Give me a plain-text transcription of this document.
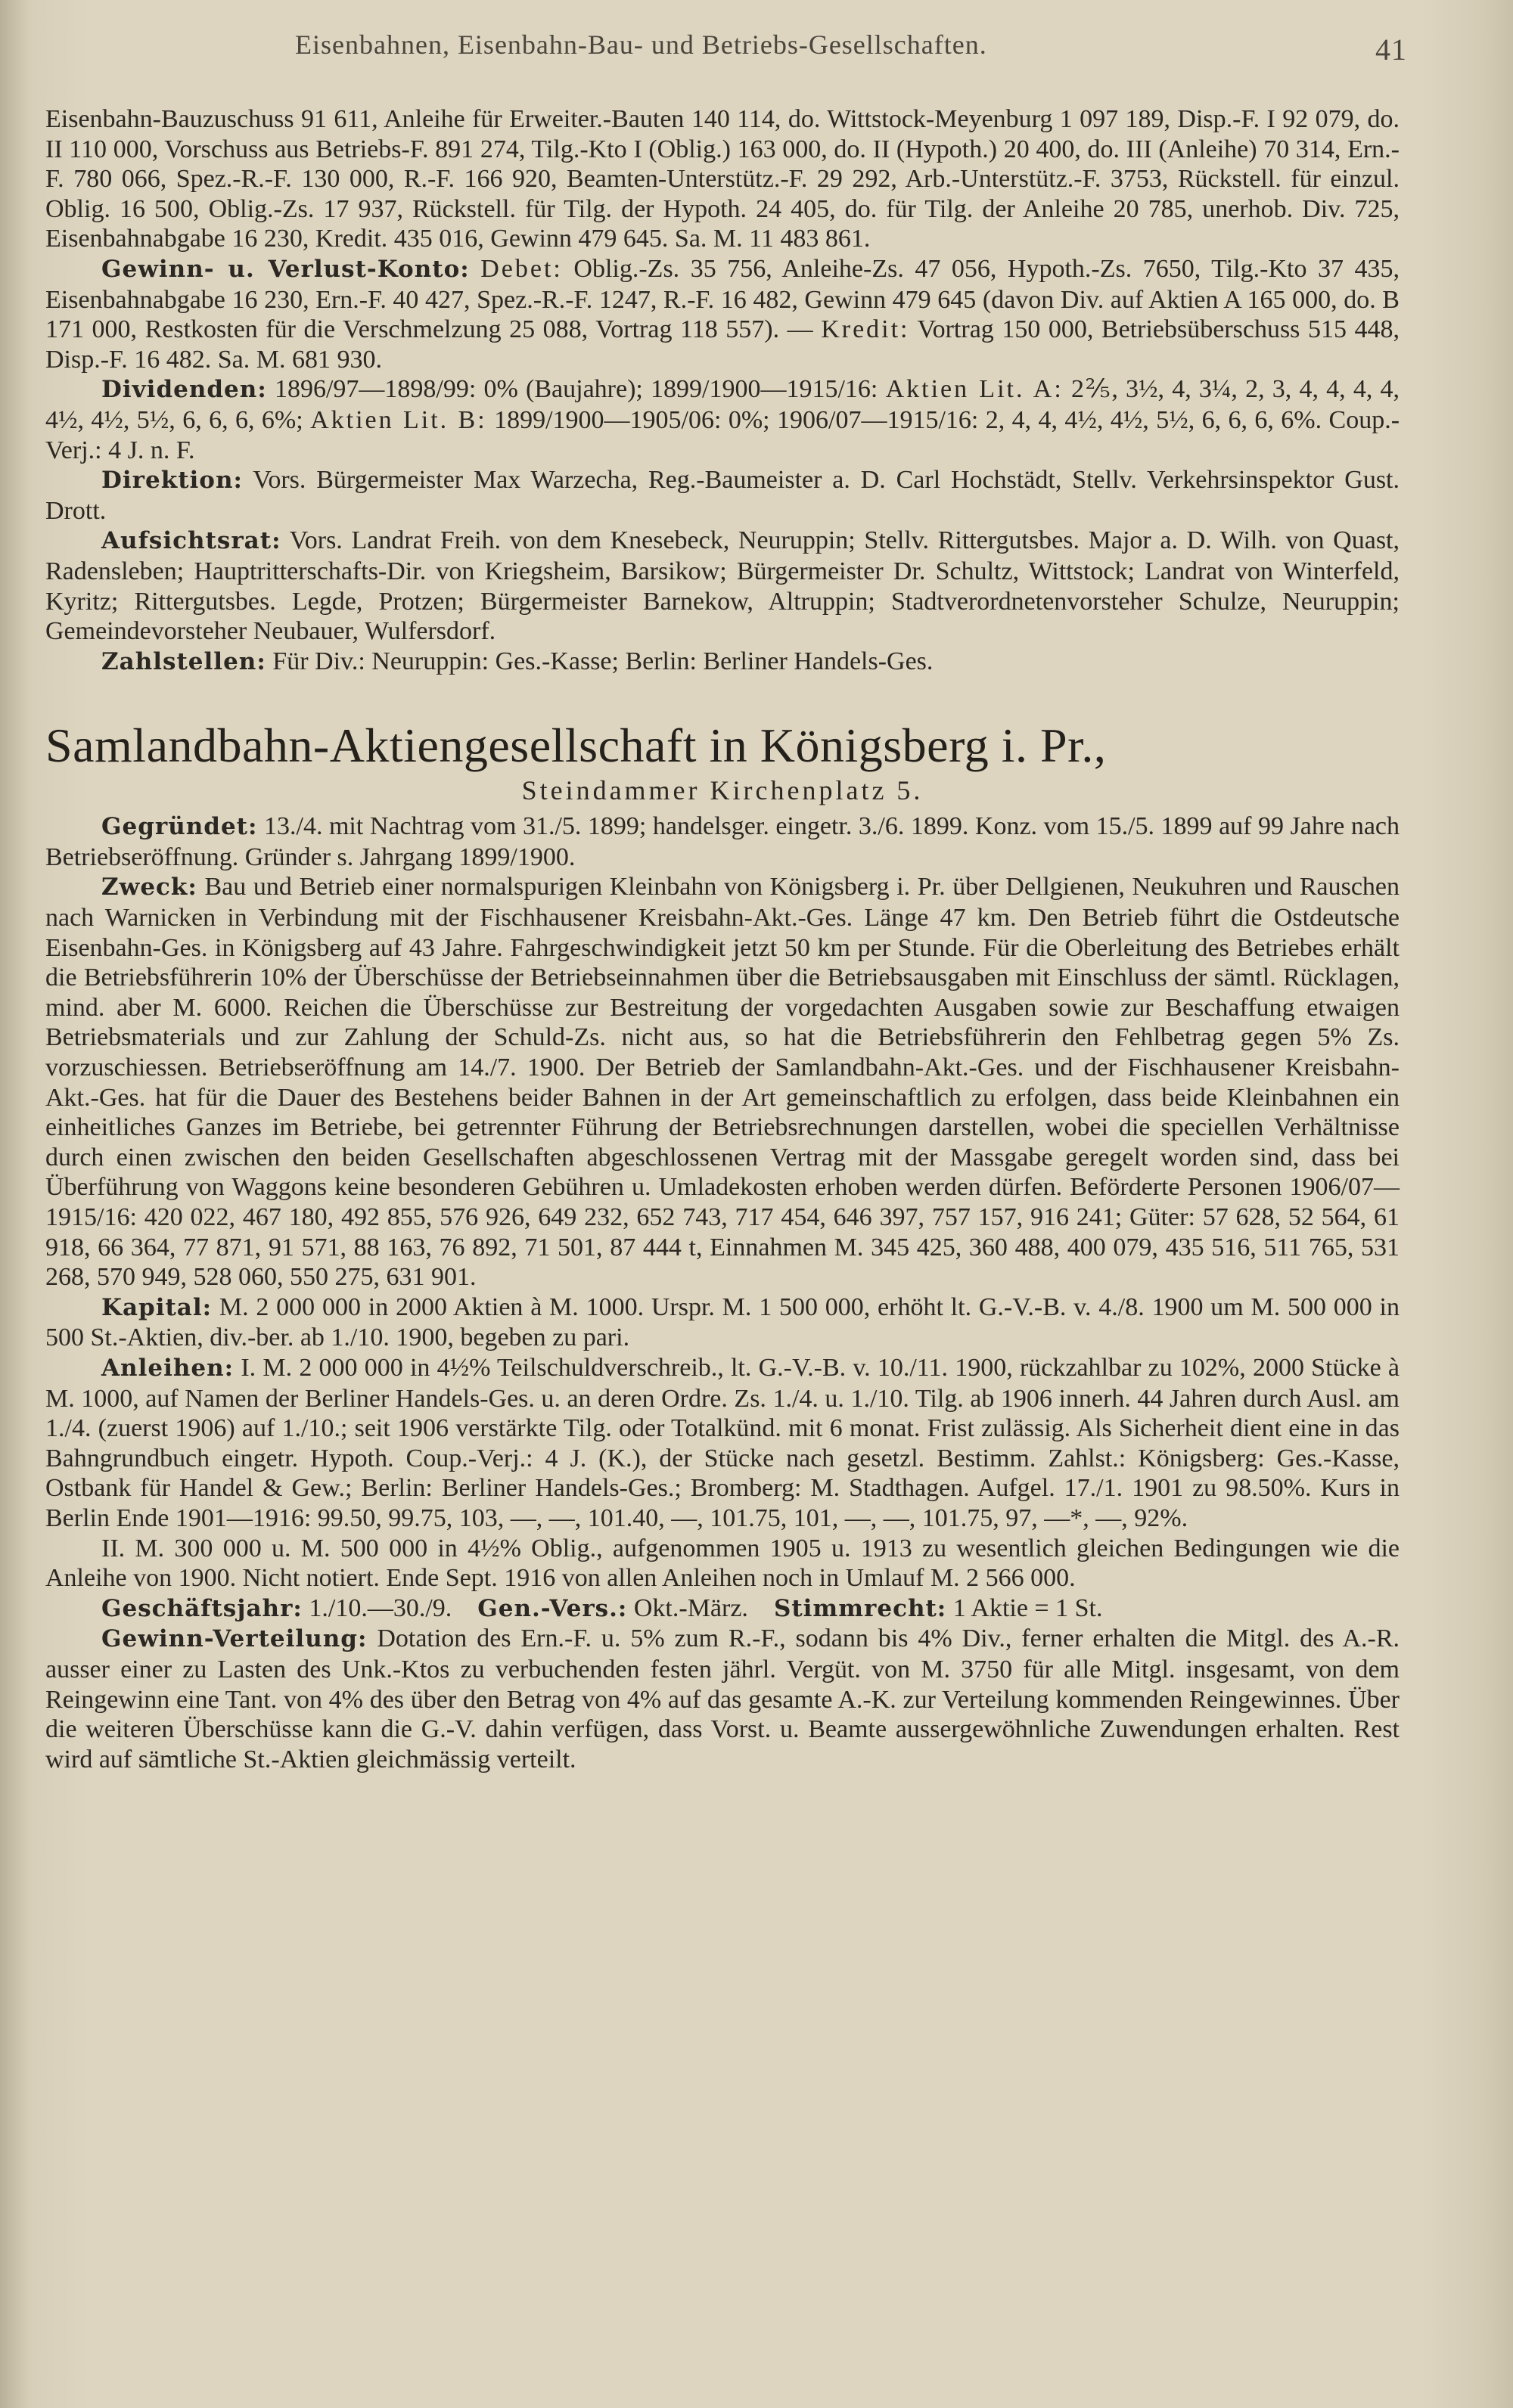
Eisenbahnen, Eisenbahn-Bau- und Betriebs-Gesellschaften.	41

Eisenbahn-Bauzuschuss 91 611, Anleihe für Erweiter.-Bauten 140 114, do. Wittstock-Meyenburg 1 097 189, Disp.-F. I 92 079, do. II 110 000, Vorschuss aus Betriebs-F. 891 274, Tilg.-Kto I (Oblig.) 163 000, do. II (Hypoth.) 20 400, do. III (Anleihe) 70 314, Ern.-F. 780 066, Spez.-R.-F. 130 000, R.-F. 166 920, Beamten-Unterstütz.-F. 29 292, Arb.-Unterstütz.-F. 3753, Rückstell. für einzul. Oblig. 16 500, Oblig.-Zs. 17 937, Rückstell. für Tilg. der Hypoth. 24 405, do. für Tilg. der Anleihe 20 785, unerhob. Div. 725, Eisenbahnabgabe 16 230, Kredit. 435 016, Gewinn 479 645. Sa. M. 11 483 861.

Gewinn- u. Verlust-Konto: Debet: Oblig.-Zs. 35 756, Anleihe-Zs. 47 056, Hypoth.-Zs. 7650, Tilg.-Kto 37 435, Eisenbahnabgabe 16 230, Ern.-F. 40 427, Spez.-R.-F. 1247, R.-F. 16 482, Gewinn 479 645 (davon Div. auf Aktien A 165 000, do. B 171 000, Restkosten für die Verschmelzung 25 088, Vortrag 118 557). — Kredit: Vortrag 150 000, Betriebsüberschuss 515 448, Disp.-F. 16 482. Sa. M. 681 930.

Dividenden: 1896/97—1898/99: 0% (Baujahre); 1899/1900—1915/16: Aktien Lit. A: 2⅖, 3½, 4, 3¼, 2, 3, 4, 4, 4, 4, 4½, 4½, 5½, 6, 6, 6, 6%; Aktien Lit. B: 1899/1900—1905/06: 0%; 1906/07—1915/16: 2, 4, 4, 4½, 4½, 5½, 6, 6, 6, 6%. Coup.-Verj.: 4 J. n. F.

Direktion: Vors. Bürgermeister Max Warzecha, Reg.-Baumeister a. D. Carl Hochstädt, Stellv. Verkehrsinspektor Gust. Drott.

Aufsichtsrat: Vors. Landrat Freih. von dem Knesebeck, Neuruppin; Stellv. Rittergutsbes. Major a. D. Wilh. von Quast, Radensleben; Hauptritterschafts-Dir. von Kriegsheim, Barsikow; Bürgermeister Dr. Schultz, Wittstock; Landrat von Winterfeld, Kyritz; Rittergutsbes. Legde, Protzen; Bürgermeister Barnekow, Altruppin; Stadtverordnetenvorsteher Schulze, Neuruppin; Gemeindevorsteher Neubauer, Wulfersdorf.

Zahlstellen: Für Div.: Neuruppin: Ges.-Kasse; Berlin: Berliner Handels-Ges.

Samlandbahn-Aktiengesellschaft in Königsberg i. Pr.,
Steindammer Kirchenplatz 5.

Gegründet: 13./4. mit Nachtrag vom 31./5. 1899; handelsger. eingetr. 3./6. 1899. Konz. vom 15./5. 1899 auf 99 Jahre nach Betriebseröffnung. Gründer s. Jahrgang 1899/1900.

Zweck: Bau und Betrieb einer normalspurigen Kleinbahn von Königsberg i. Pr. über Dellgienen, Neukuhren und Rauschen nach Warnicken in Verbindung mit der Fischhausener Kreisbahn-Akt.-Ges. Länge 47 km. Den Betrieb führt die Ostdeutsche Eisenbahn-Ges. in Königsberg auf 43 Jahre. Fahrgeschwindigkeit jetzt 50 km per Stunde. Für die Oberleitung des Betriebes erhält die Betriebsführerin 10% der Überschüsse der Betriebseinnahmen über die Betriebsausgaben mit Einschluss der sämtl. Rücklagen, mind. aber M. 6000. Reichen die Überschüsse zur Bestreitung der vorgedachten Ausgaben sowie zur Beschaffung etwaigen Betriebsmaterials und zur Zahlung der Schuld-Zs. nicht aus, so hat die Betriebsführerin den Fehlbetrag gegen 5% Zs. vorzuschiessen. Betriebseröffnung am 14./7. 1900. Der Betrieb der Samlandbahn-Akt.-Ges. und der Fischhausener Kreisbahn-Akt.-Ges. hat für die Dauer des Bestehens beider Bahnen in der Art gemeinschaftlich zu erfolgen, dass beide Kleinbahnen ein einheitliches Ganzes im Betriebe, bei getrennter Führung der Betriebsrechnungen darstellen, wobei die speciellen Verhältnisse durch einen zwischen den beiden Gesellschaften abgeschlossenen Vertrag mit der Massgabe geregelt worden sind, dass bei Überführung von Waggons keine besonderen Gebühren u. Umladekosten erhoben werden dürfen. Beförderte Personen 1906/07—1915/16: 420 022, 467 180, 492 855, 576 926, 649 232, 652 743, 717 454, 646 397, 757 157, 916 241; Güter: 57 628, 52 564, 61 918, 66 364, 77 871, 91 571, 88 163, 76 892, 71 501, 87 444 t, Einnahmen M. 345 425, 360 488, 400 079, 435 516, 511 765, 531 268, 570 949, 528 060, 550 275, 631 901.

Kapital: M. 2 000 000 in 2000 Aktien à M. 1000. Urspr. M. 1 500 000, erhöht lt. G.-V.-B. v. 4./8. 1900 um M. 500 000 in 500 St.-Aktien, div.-ber. ab 1./10. 1900, begeben zu pari.

Anleihen: I. M. 2 000 000 in 4½% Teilschuldverschreib., lt. G.-V.-B. v. 10./11. 1900, rückzahlbar zu 102%, 2000 Stücke à M. 1000, auf Namen der Berliner Handels-Ges. u. an deren Ordre. Zs. 1./4. u. 1./10. Tilg. ab 1906 innerh. 44 Jahren durch Ausl. am 1./4. (zuerst 1906) auf 1./10.; seit 1906 verstärkte Tilg. oder Totalkünd. mit 6 monat. Frist zulässig. Als Sicherheit dient eine in das Bahngrundbuch eingetr. Hypoth. Coup.-Verj.: 4 J. (K.), der Stücke nach gesetzl. Bestimm. Zahlst.: Königsberg: Ges.-Kasse, Ostbank für Handel & Gew.; Berlin: Berliner Handels-Ges.; Bromberg: M. Stadthagen. Aufgel. 17./1. 1901 zu 98.50%. Kurs in Berlin Ende 1901—1916: 99.50, 99.75, 103, —, —, 101.40, —, 101.75, 101, —, —, 101.75, 97, —*, —, 92%.

II. M. 300 000 u. M. 500 000 in 4½% Oblig., aufgenommen 1905 u. 1913 zu wesentlich gleichen Bedingungen wie die Anleihe von 1900. Nicht notiert. Ende Sept. 1916 von allen Anleihen noch in Umlauf M. 2 566 000.

Geschäftsjahr: 1./10.—30./9. Gen.-Vers.: Okt.-März. Stimmrecht: 1 Aktie = 1 St.

Gewinn-Verteilung: Dotation des Ern.-F. u. 5% zum R.-F., sodann bis 4% Div., ferner erhalten die Mitgl. des A.-R. ausser einer zu Lasten des Unk.-Ktos zu verbuchenden festen jährl. Vergüt. von M. 3750 für alle Mitgl. insgesamt, von dem Reingewinn eine Tant. von 4% des über den Betrag von 4% auf das gesamte A.-K. zur Verteilung kommenden Reingewinnes. Über die weiteren Überschüsse kann die G.-V. dahin verfügen, dass Vorst. u. Beamte aussergewöhnliche Zuwendungen erhalten. Rest wird auf sämtliche St.-Aktien gleichmässig verteilt.
